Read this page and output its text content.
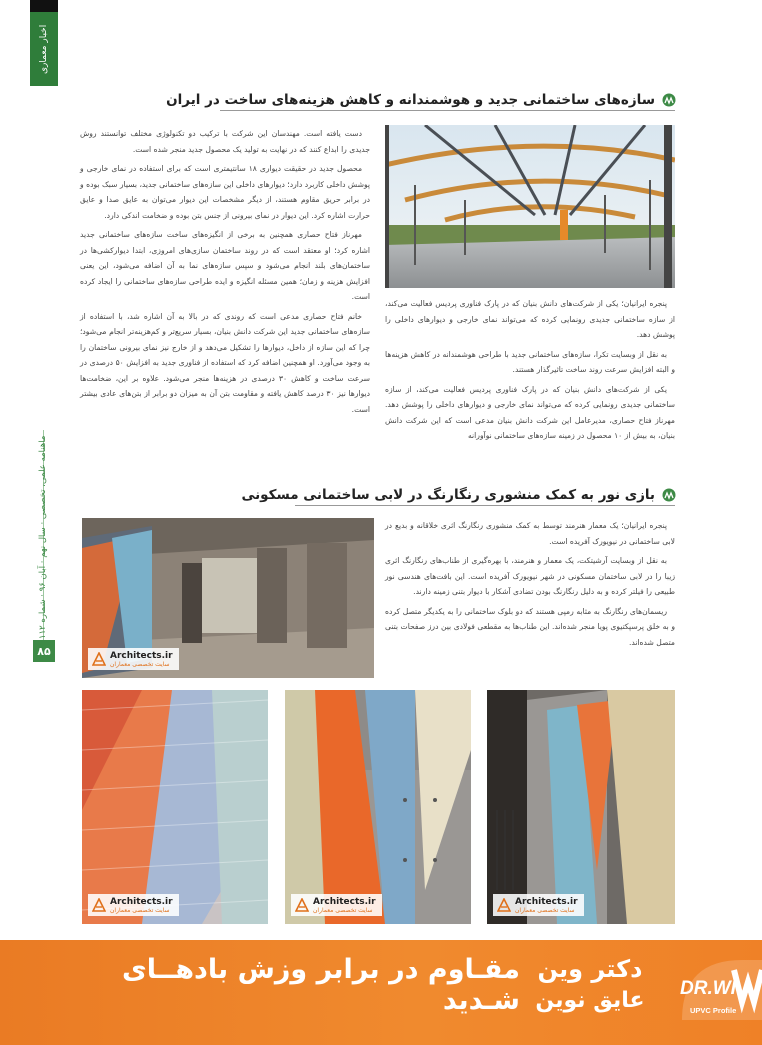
اخبار معماری
ماهنامه علمی، تخصصی · سال نهم · آبان ۹۶ · شماره ۱۱۲
۸۵
سازه‌های ساختمانی جدید و هوشمندانه و کاهش هزینه‌های ساخت در ایران

دست یافته است. مهندسان این شرکت با ترکیب دو تکنولوژی مختلف توانستند روش جدیدی را ابداع کنند که در نهایت به تولید یک محصول جدید منجر شده است.

محصول جدید در حقیقت دیواری ۱۸ سانتیمتری است که برای استفاده در نمای خارجی و پوشش داخلی کاربرد دارد؛ دیوارهای داخلی این سازه‌های ساختمانی جدید، بسیار سبک بوده و در برابر حریق مقاوم هستند، از دیگر مشخصات این دیوار می‌توان به عایق صدا و عایق حرارت اشاره کرد. این دیوار در نمای بیرونی از جنس بتن بوده و ضخامت اندکی دارد.

مهرناز فتاح حصاری همچنین به برخی از انگیزه‌های ساخت سازه‌های ساختمانی جدید اشاره کرد؛ او معتقد است که در روند ساختمان سازی‌های امروزی، ابتدا دیوارکشی‌ها در ساختمان‌های بلند انجام می‌شود و سپس سازه‌های نما به آن اضافه می‌شود، این یعنی افزایش هزینه و زمان؛ همین مسئله انگیزه و ایده طراحی سازه‌های ساختمانی را ایجاد کرده است.

خانم فتاح حصاری مدعی است که روندی که در بالا به آن اشاره شد، با استفاده از سازه‌های ساختمانی جدید این شرکت دانش بنیان، بسیار سریع‌تر و کم‌هزینه‌تر انجام می‌شود؛ چرا که این سازه از داخل، دیوارها را تشکیل می‌دهد و از خارج نیز نمای بیرونی ساختمان را به وجود می‌آورد. او همچنین اضافه کرد که استفاده از فناوری جدید به افزایش ۵۰ درصدی در سرعت ساخت و کاهش ۳۰ درصدی در هزینه‌ها منجر می‌شود. علاوه بر این، ضخامت‌ها دیوارها نیز ۳۰ درصد کاهش یافته و مقاومت بتن آن به میزان دو برابر از بتن‌های عادی بیشتر است.

پنجره ایرانیان؛ یکی از شرکت‌های دانش بنیان که در پارک فناوری پردیس فعالیت می‌کند، از سازه ساختمانی جدیدی رونمایی کرده که می‌تواند نمای خارجی و دیوارهای داخلی را پوشش دهد.

به نقل از وبسایت تکرا، سازه‌های ساختمانی جدید با طراحی هوشمندانه در کاهش هزینه‌ها و البته افزایش سرعت روند ساخت تاثیرگذار هستند.

یکی از شرکت‌های دانش بنیان که در پارک فناوری پردیس فعالیت می‌کند، از سازه ساختمانی جدیدی رونمایی کرده که می‌تواند نمای خارجی و دیوارهای داخلی را پوشش دهد. مهرناز فتاح حصاری، مدیرعامل این شرکت دانش بنیان مدعی است که این شرکت دانش بنیان، به بیش از ۱۰ محصول در زمینه سازه‌های ساختمانی نوآورانه

بازی نور به کمک منشوری رنگارنگ در لابی ساختمانی مسکونی
Architects.ir
سایت تخصصی معماران

پنجره ایرانیان؛ یک معمار هنرمند توسط به کمک منشوری رنگارنگ اثری خلاقانه و بدیع در لابی ساختمانی در نیویورک آفریده است.

به نقل از وبسایت آرشیتکت، یک معمار و هنرمند، با بهره‌گیری از طناب‌های رنگارنگ اثری زیبا را در لابی ساختمان مسکونی در شهر نیویورک آفریده است. این بافت‌های هندسی نور طبیعی را فیلتر کرده و به دلیل رنگارنگ بودن تضادی آشکار با دیوار بتنی زمینه دارند.

ریسمان‌های رنگارنگ به مثابه رمپی هستند که دو بلوک ساختمانی را به یکدیگر متصل کرده و به خلق پرسپکتیوی پویا منجر شده‌اند. این طناب‌ها به مقطعی فولادی بین درز صفحات بتنی متصل شده‌اند.

Architects.ir
سایت تخصصی معماران
Architects.ir
سایت تخصصی معماران
Architects.ir
سایت تخصصی معماران
مقـاوم در برابر وزش بادهــای شـدید
دکتر وین
عایق نوین	DR.WI
UPVC Profile
